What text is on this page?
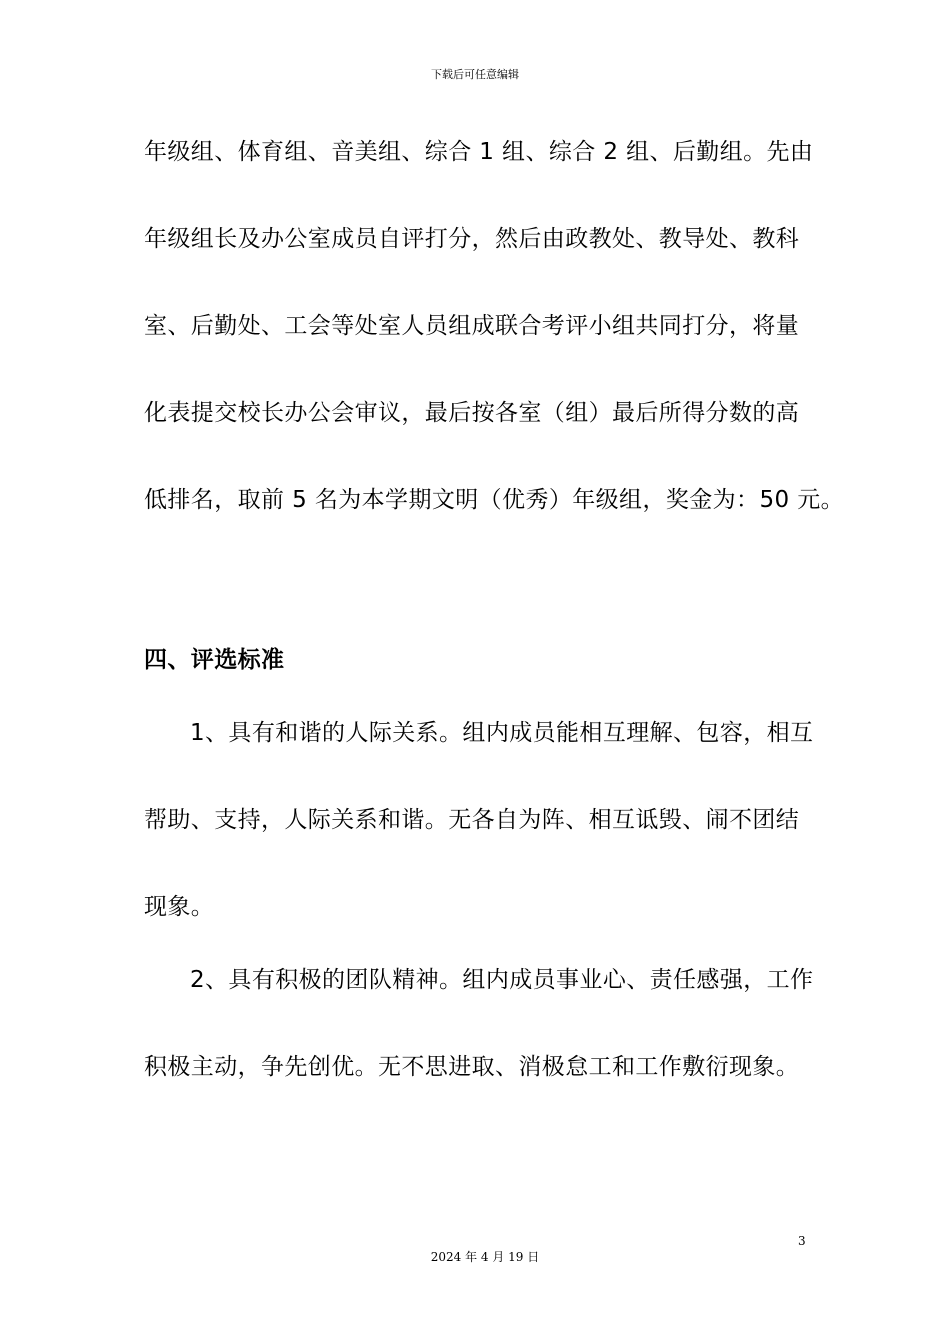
下载后可任意编辑
年级组、体育组、音美组、综合 1 组、综合 2 组、后勤组。先由
年级组长及办公室成员自评打分，然后由政教处、教导处、教科
室、后勤处、工会等处室人员组成联合考评小组共同打分，将量
化表提交校长办公会审议，最后按各室（组）最后所得分数的高
低排名，取前 5 名为本学期文明（优秀）年级组，奖金为：50 元。
四、评选标准
1、具有和谐的人际关系。组内成员能相互理解、包容，相互
帮助、支持，人际关系和谐。无各自为阵、相互诋毁、闹不团结
现象。
2、具有积极的团队精神。组内成员事业心、责任感强，工作
积极主动，争先创优。无不思进取、消极怠工和工作敷衍现象。
3
2024 年 4 月 19 日
